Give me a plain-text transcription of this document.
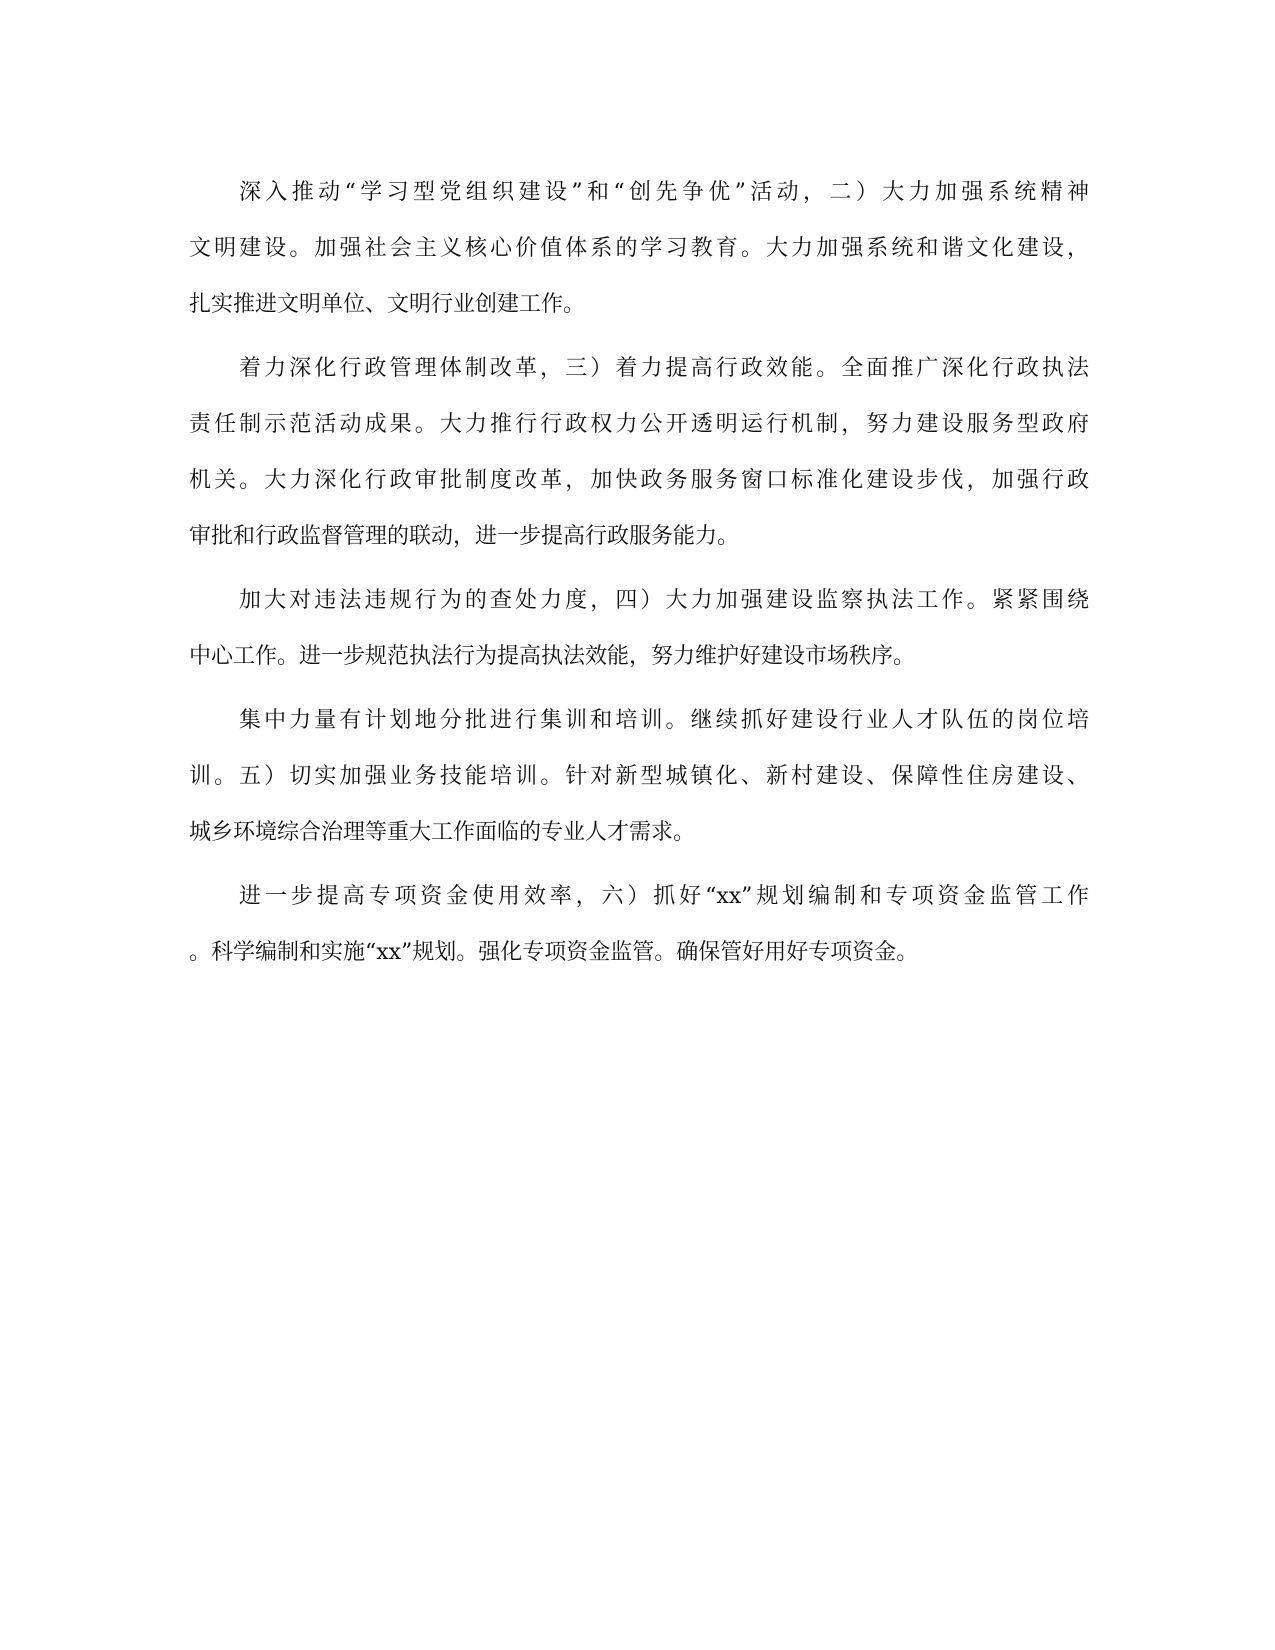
深入推动“学习型党组织建设”和“创先争优”活动，二）大力加强系统精神
文明建设。加强社会主义核心价值体系的学习教育。大力加强系统和谐文化建设，
扎实推进文明单位、文明行业创建工作。
着力深化行政管理体制改革，三）着力提高行政效能。全面推广深化行政执法
责任制示范活动成果。大力推行行政权力公开透明运行机制，努力建设服务型政府
机关。大力深化行政审批制度改革，加快政务服务窗口标准化建设步伐，加强行政
审批和行政监督管理的联动，进一步提高行政服务能力。
加大对违法违规行为的查处力度，四）大力加强建设监察执法工作。紧紧围绕
中心工作。进一步规范执法行为提高执法效能，努力维护好建设市场秩序。
集中力量有计划地分批进行集训和培训。继续抓好建设行业人才队伍的岗位培
训。五）切实加强业务技能培训。针对新型城镇化、新村建设、保障性住房建设、
城乡环境综合治理等重大工作面临的专业人才需求。
进一步提高专项资金使用效率，六）抓好“xx”规划编制和专项资金监管工作
。科学编制和实施“xx”规划。强化专项资金监管。确保管好用好专项资金。
